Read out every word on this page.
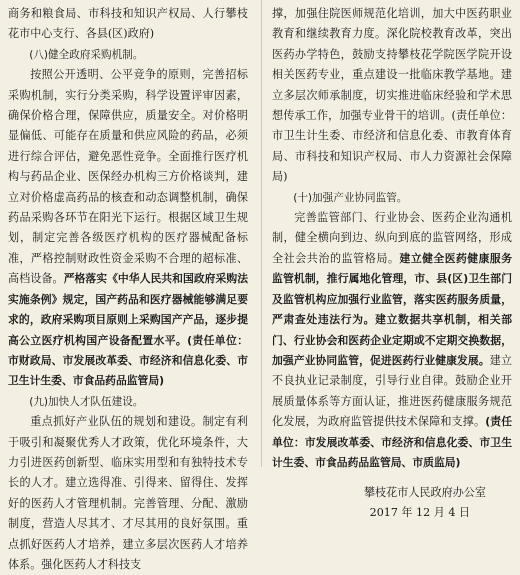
商务和粮食局、市科技和知识产权局、人行攀枝花市中心支行、各县(区)政府)

(八)健全政府采购机制。

按照公开透明、公平竞争的原则，完善招标采购机制，实行分类采购，科学设置评审因素，确保价格合理，保障供应，质量安全。对价格明显偏低、可能存在质量和供应风险的药品，必须进行综合评估，避免恶性竞争。全面推行医疗机构与药品企业、医保经办机构三方价格谈判，建立对价格虚高药品的核查和动态调整机制，确保药品采购各环节在阳光下运行。根据区域卫生规划，制定完善各级医疗机构的医疗器械配备标准，严格控制财政性资金采购不合理的超标准、高档设备。严格落实《中华人民共和国政府采购法实施条例》规定，国产药品和医疗器械能够满足要求的，政府采购项目原则上采购国产产品，逐步提高公立医疗机构国产设备配置水平。(责任单位：市财政局、市发展改革委、市经济和信息化委、市卫生计生委、市食品药品监管局)

(九)加快人才队伍建设。

重点抓好产业队伍的规划和建设。制定有利于吸引和凝聚优秀人才政策，优化环境条件，大力引进医药创新型、临床实用型和有独特技术专长的人才。建立选得准、引得来、留得住、发挥好的医药人才管理机制。完善管理、分配、激励制度，营造人尽其才、才尽其用的良好氛围。重点抓好医药人才培养，建立多层次医药人才培养体系。强化医药人才科技支

撑，加强住院医师规范化培训，加大中医药职业教育和继续教育力度。深化院校教育改革，突出医药办学特色，鼓励支持攀枝花学院医学院开设相关医药专业，重点建设一批临床教学基地。建立多层次师承制度，切实推进临床经验和学术思想传承工作，加强专业骨干的培训。(责任单位：市卫生计生委、市经济和信息化委、市教育体育局、市科技和知识产权局、市人力资源社会保障局)

(十)加强产业协同监管。

完善监管部门、行业协会、医药企业沟通机制，健全横向到边、纵向到底的监管网络，形成全社会共治的监管格局。建立健全医药健康服务监管机制，推行属地化管理，市、县(区)卫生部门及监管机构应加强行业监管，落实医药服务质量，严肃查处违法行为。建立数据共享机制，相关部门、行业协会和医药企业定期或不定期交换数据，加强产业协同监管，促进医药行业健康发展。建立不良执业记录制度，引导行业自律。鼓励企业开展质量体系等方面认证，推进医药健康服务规范化发展，为政府监管提供技术保障和支撑。(责任单位：市发展改革委、市经济和信息化委、市卫生计生委、市食品药品监管局、市质监局)

攀枝花市人民政府办公室

2017 年 12 月 4 日
